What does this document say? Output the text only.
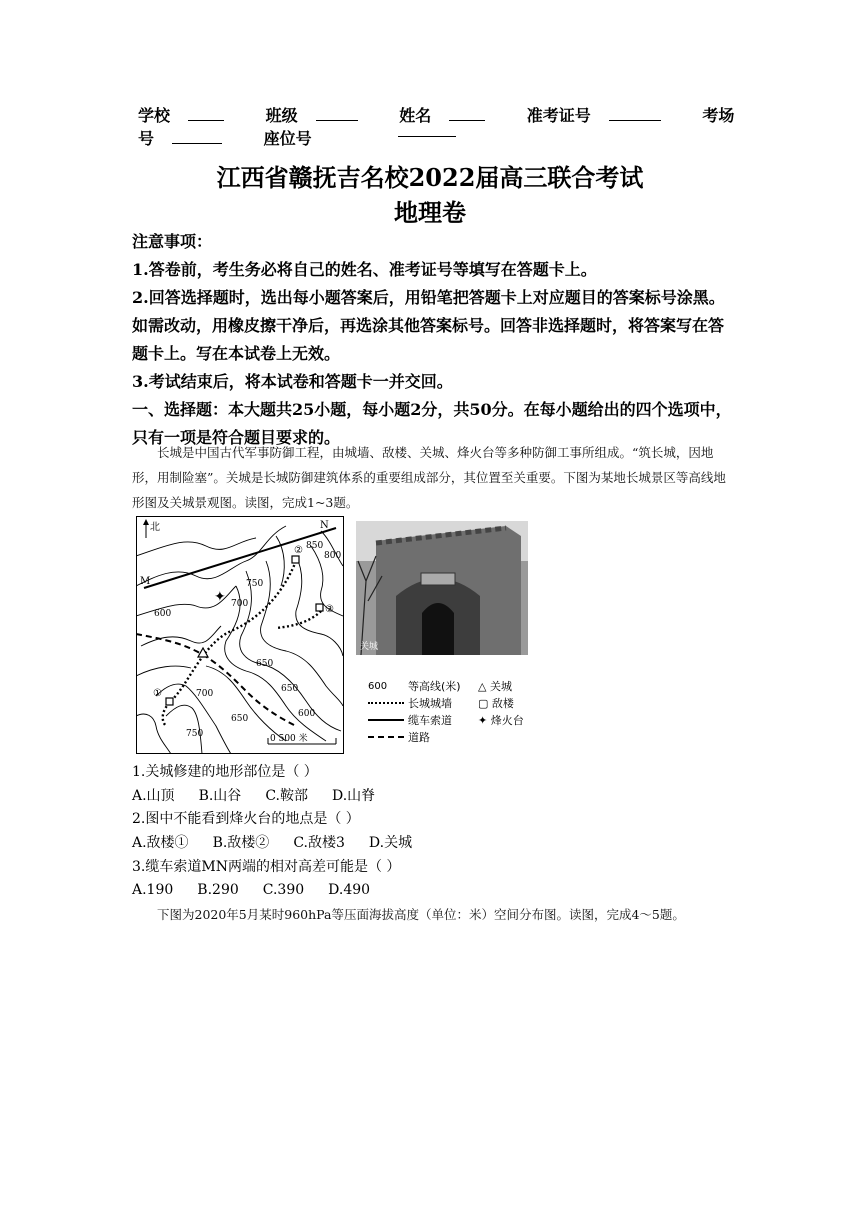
学校	班级	姓名	准考证号	考场号	座位号
江西省赣抚吉名校2022届高三联合考试
地理卷
注意事项：
1.答卷前，考生务必将自己的姓名、准考证号等填写在答题卡上。
2.回答选择题时，选出每小题答案后，用铅笔把答题卡上对应题目的答案标号涂黑。如需改动，用橡皮擦干净后，再选涂其他答案标号。回答非选择题时，将答案写在答题卡上。写在本试卷上无效。
3.考试结束后，将本试卷和答题卡一并交回。
一、选择题：本大题共25小题，每小题2分，共50分。在每小题给出的四个选项中，只有一项是符合题目要求的。
长城是中国古代军事防御工程，由城墙、敌楼、关城、烽火台等多种防御工事所组成。“筑长城，因地形，用制险塞”。关城是长城防御建筑体系的重要组成部分，其位置至关重要。下图为某地长城景区等高线地形图及关城景观图。读图，完成1~3题。
北
M
N
✦
②
③
①
850
800
750
700
600
650
700
750
650	600
650
0 500 米
关城
600 等高线(米) △ 关城
长城城墙 ▢ 敌楼
缆车索道 ✦ 烽火台
道路
1.关城修建的地形部位是（ ）
A.山顶 B.山谷 C.鞍部 D.山脊
2.图中不能看到烽火台的地点是（ ）
A.敌楼① B.敌楼② C.敌楼3 D.关城
3.缆车索道MN两端的相对高差可能是（ ）
A.190 B.290 C.390 D.490
下图为2020年5月某时960hPa等压面海拔高度（单位：米）空间分布图。读图，完成4～5题。
